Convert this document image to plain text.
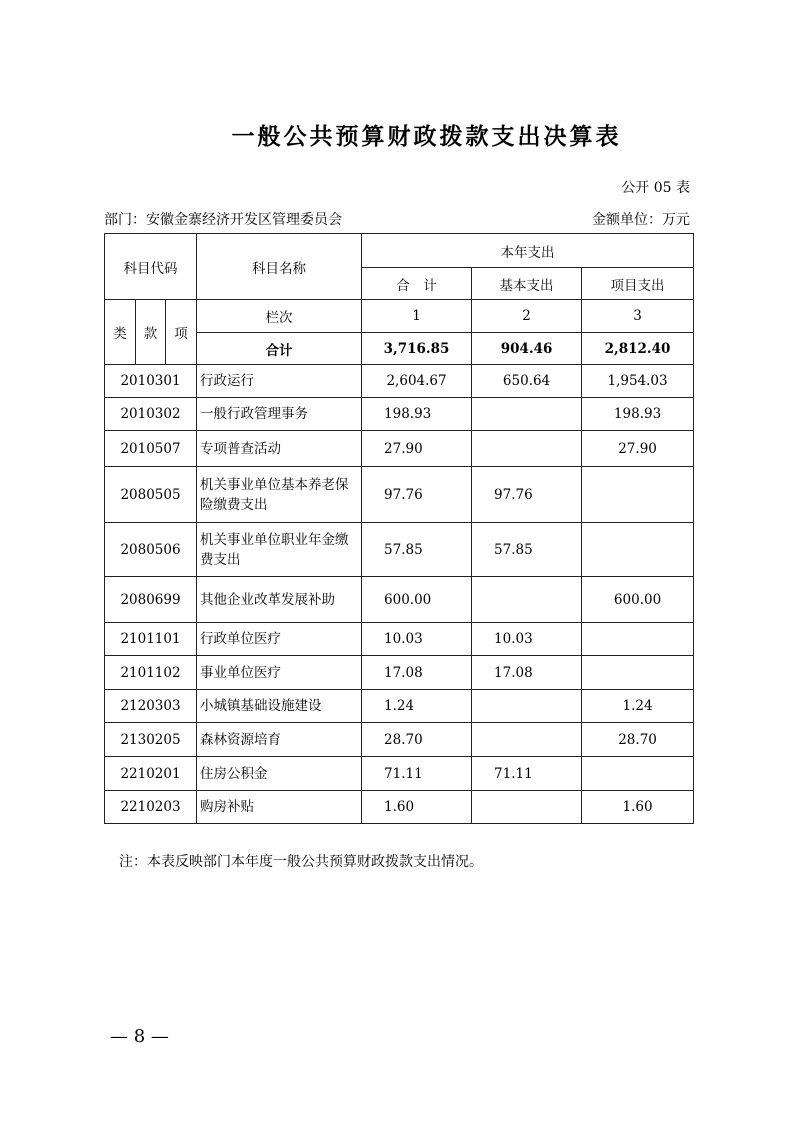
一般公共预算财政拨款支出决算表
公开 05 表
部门：安徽金寨经济开发区管理委员会	金额单位：万元
科目代码			科目名称	本年支出		
				合　计	基本支出	项目支出
类	款	项	栏次	1	2	3
			合计	3,716.85	904.46	2,812.40
2010301			行政运行	2,604.67	650.64	1,954.03
2010302			一般行政管理事务	198.93		198.93
2010507			专项普查活动	27.90		27.90
2080505			机关事业单位基本养老保险缴费支出	97.76	97.76	
2080506			机关事业单位职业年金缴费支出	57.85	57.85	
2080699			其他企业改革发展补助	600.00		600.00
2101101			行政单位医疗	10.03	10.03	
2101102			事业单位医疗	17.08	17.08	
2120303			小城镇基础设施建设	1.24		1.24
2130205			森林资源培育	28.70		28.70
2210201			住房公积金	71.11	71.11	
2210203			购房补贴	1.60		1.60
注：本表反映部门本年度一般公共预算财政拨款支出情况。
— 8 —
